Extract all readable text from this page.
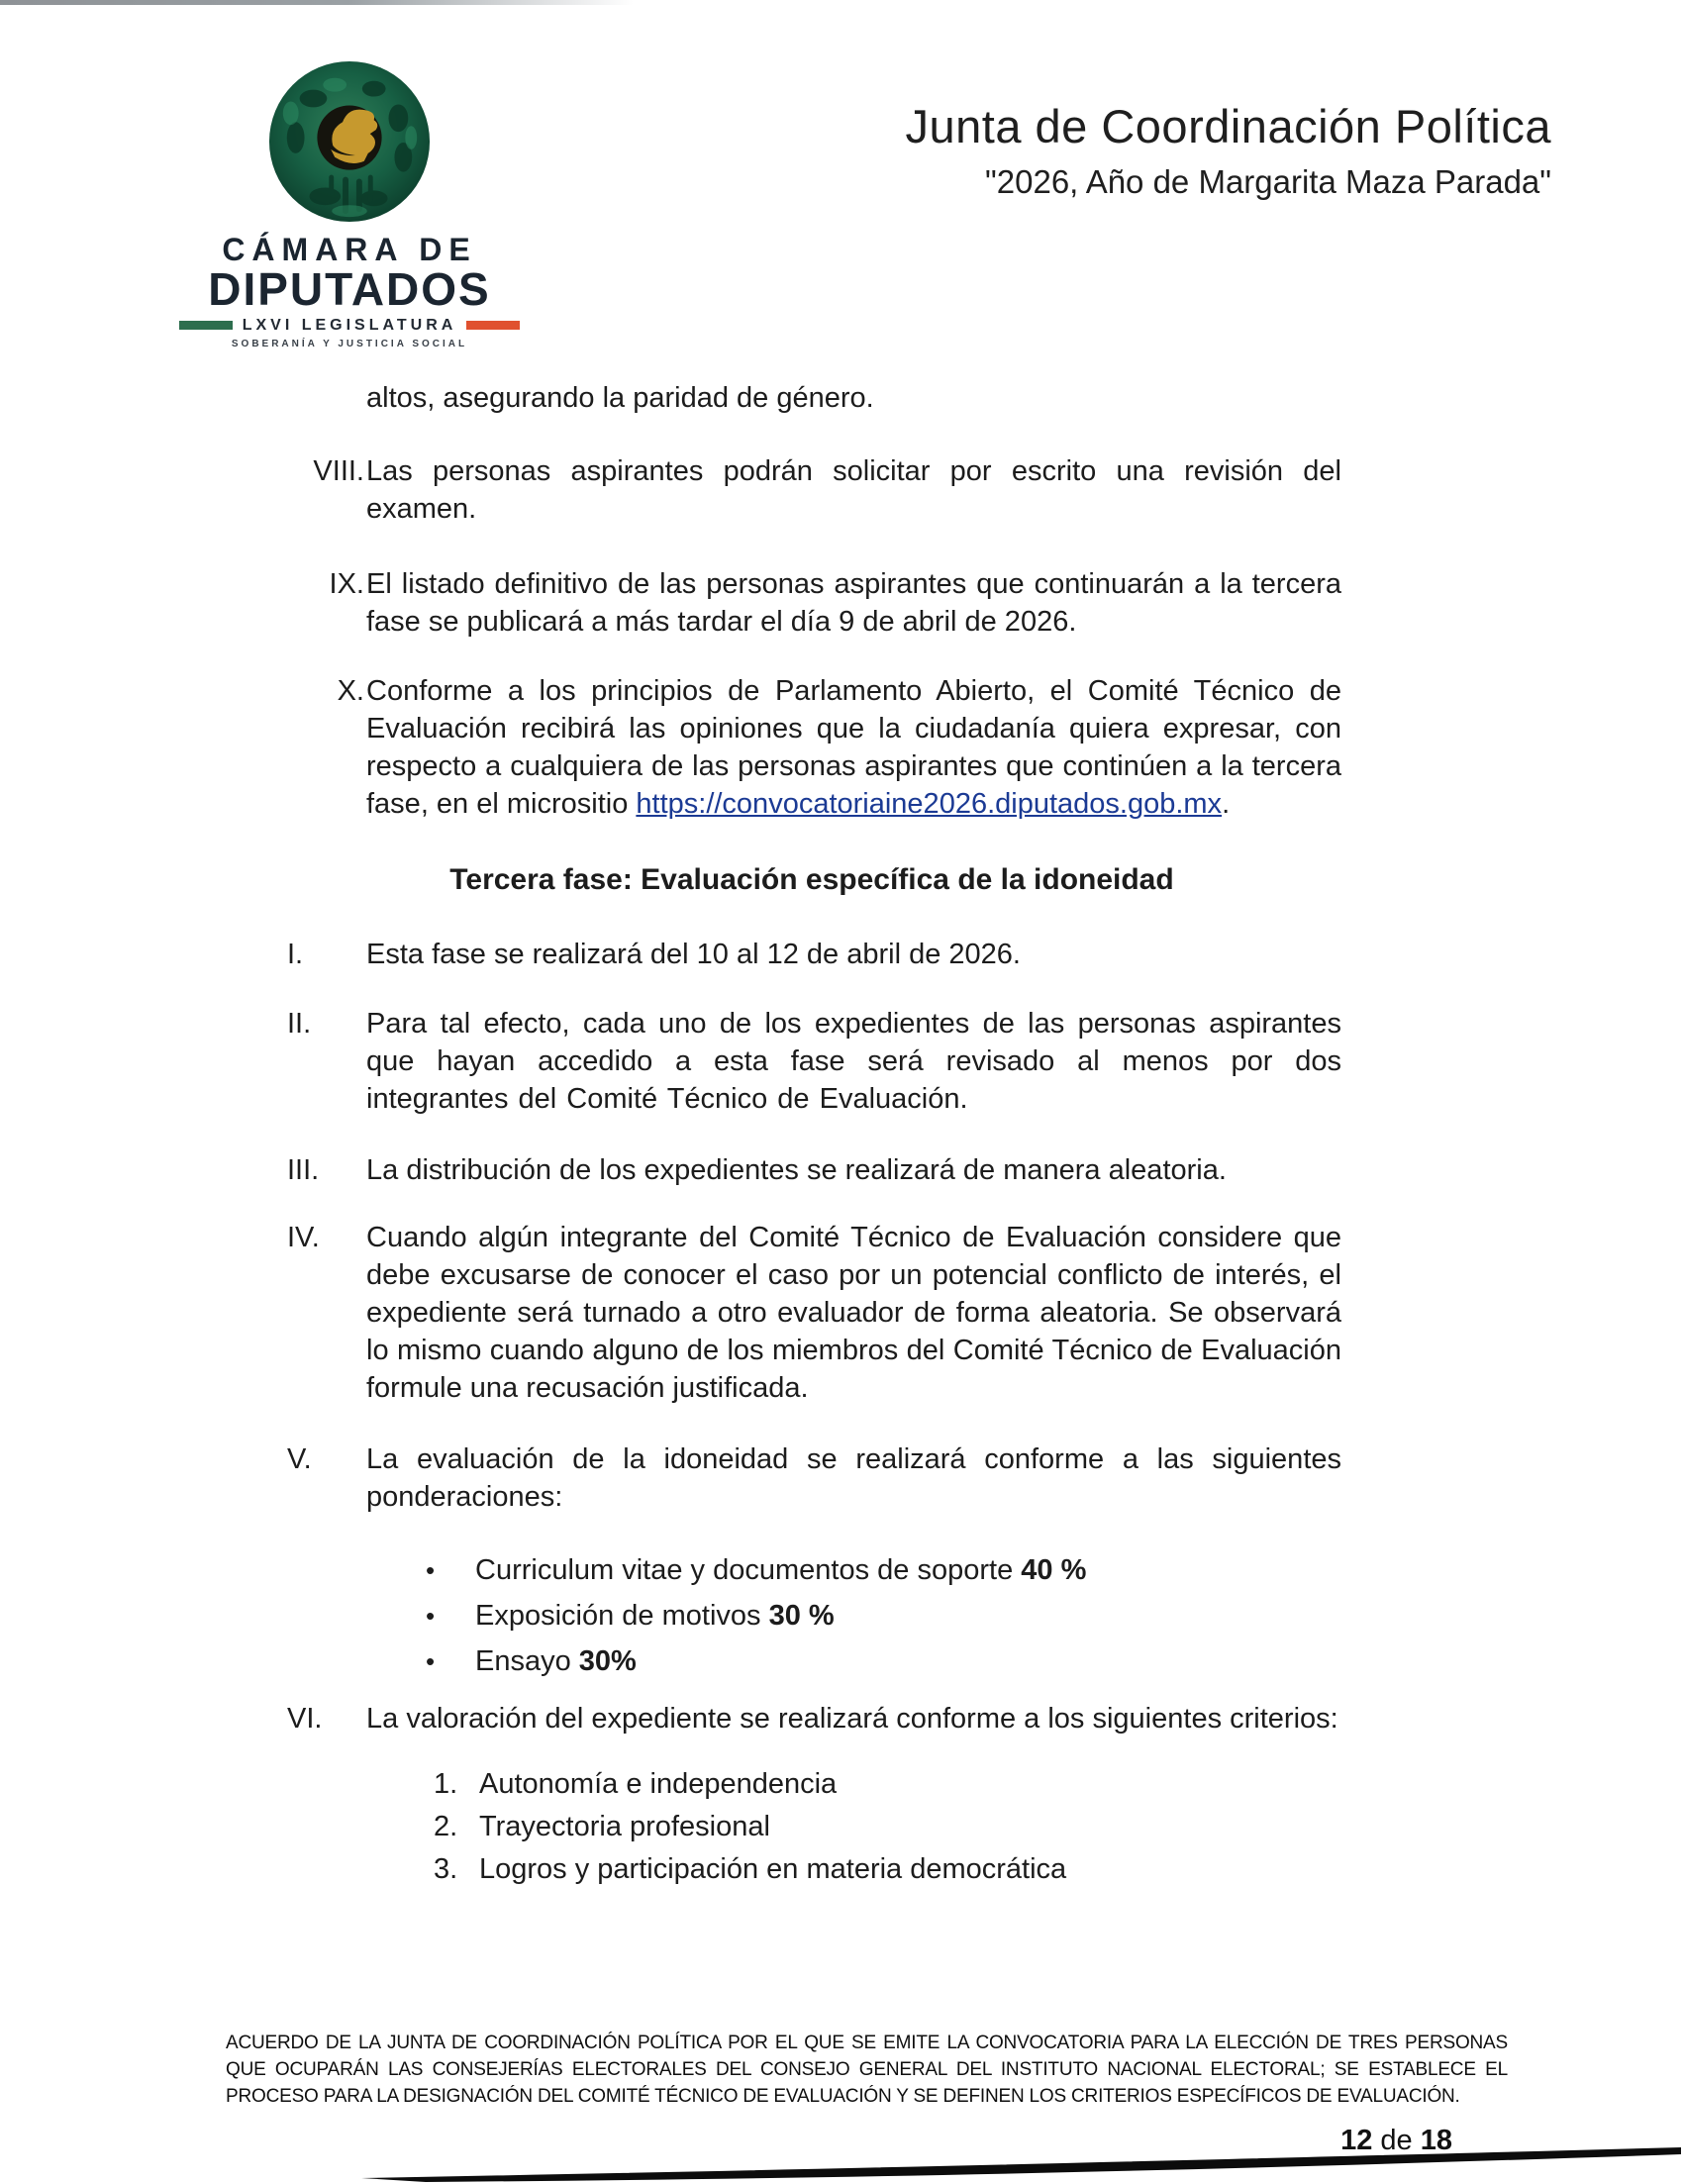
CÁMARA DE
DIPUTADOS
LXVI LEGISLATURA
SOBERANÍA Y JUSTICIA SOCIAL
Junta de Coordinación Política
"2026, Año de Margarita Maza Parada"
altos, asegurando la paridad de género.
VIII. Las personas aspirantes podrán solicitar por escrito una revisión del examen.
IX. El listado definitivo de las personas aspirantes que continuarán a la tercera fase se publicará a más tardar el día 9 de abril de 2026.
X. Conforme a los principios de Parlamento Abierto, el Comité Técnico de Evaluación recibirá las opiniones que la ciudadanía quiera expresar, con respecto a cualquiera de las personas aspirantes que continúen a la tercera fase, en el micrositio https://convocatoriaine2026.diputados.gob.mx.
Tercera fase: Evaluación específica de la idoneidad
I.	Esta fase se realizará del 10 al 12 de abril de 2026.
II.	Para tal efecto, cada uno de los expedientes de las personas aspirantes que hayan accedido a esta fase será revisado al menos por dos integrantes del Comité Técnico de Evaluación.
III.	La distribución de los expedientes se realizará de manera aleatoria.
IV.	Cuando algún integrante del Comité Técnico de Evaluación considere que debe excusarse de conocer el caso por un potencial conflicto de interés, el expediente será turnado a otro evaluador de forma aleatoria. Se observará lo mismo cuando alguno de los miembros del Comité Técnico de Evaluación formule una recusación justificada.
V.	La evaluación de la idoneidad se realizará conforme a las siguientes ponderaciones:
•	Curriculum vitae y documentos de soporte 40 %
•	Exposición de motivos 30 %
•	Ensayo 30%
VI.	La valoración del expediente se realizará conforme a los siguientes criterios:
1. Autonomía e independencia
2. Trayectoria profesional
3. Logros y participación en materia democrática
ACUERDO DE LA JUNTA DE COORDINACIÓN POLÍTICA POR EL QUE SE EMITE LA CONVOCATORIA PARA LA ELECCIÓN DE TRES PERSONAS QUE OCUPARÁN LAS CONSEJERÍAS ELECTORALES DEL CONSEJO GENERAL DEL INSTITUTO NACIONAL ELECTORAL; SE ESTABLECE EL PROCESO PARA LA DESIGNACIÓN DEL COMITÉ TÉCNICO DE EVALUACIÓN Y SE DEFINEN LOS CRITERIOS ESPECÍFICOS DE EVALUACIÓN.
12 de 18
